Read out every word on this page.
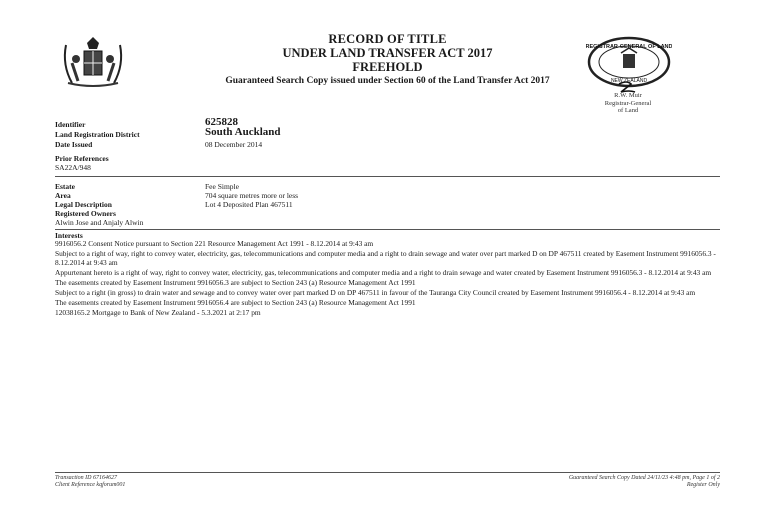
RECORD OF TITLE
UNDER LAND TRANSFER ACT 2017
FREEHOLD
Guaranteed Search Copy issued under Section 60 of the Land Transfer Act 2017
REGISTRAR-GENERAL OF LAND
NEW ZEALAND
R.W. Muir
Registrar-General
of Land
Identifier	625828
Land Registration District	South Auckland
Date Issued	08 December 2014
Prior References
SA22A/948
Estate	Fee Simple
Area	704 square metres more or less
Legal Description	Lot 4 Deposited Plan 467511
Registered Owners
Alwin Jose and Anjaly Alwin
Interests

9916056.2 Consent Notice pursuant to Section 221 Resource Management Act 1991 - 8.12.2014 at 9:43 am

Subject to a right of way, right to convey water, electricity, gas, telecommunications and computer media and a right to drain sewage and water over part marked D on DP 467511 created by Easement Instrument 9916056.3 - 8.12.2014 at 9:43 am

Appurtenant hereto is a right of way, right to convey water, electricity, gas, telecommunications and computer media and a right to drain sewage and water created by Easement Instrument 9916056.3 - 8.12.2014 at 9:43 am

The easements created by Easement Instrument 9916056.3 are subject to Section 243 (a) Resource Management Act 1991

Subject to a right (in gross) to drain water and sewage and to convey water over part marked D on DP 467511 in favour of the Tauranga City Council created by Easement Instrument 9916056.4 - 8.12.2014 at 9:43 am

The easements created by Easement Instrument 9916056.4 are subject to Section 243 (a) Resource Management Act 1991

12038165.2 Mortgage to Bank of New Zealand - 5.3.2021 at 2:17 pm

Transaction ID 67164627
Client Reference kqforum001
Guaranteed Search Copy Dated 24/11/23 4:48 pm, Page 1 of 2
Register Only
